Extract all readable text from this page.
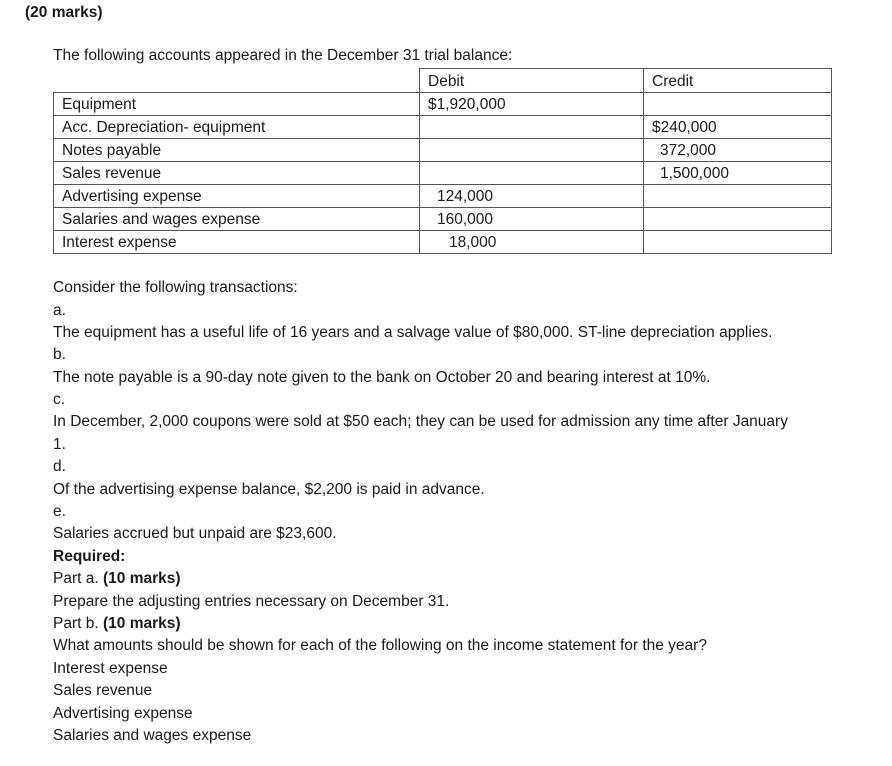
(20 marks)
The following accounts appeared in the December 31 trial balance:
	Debit	Credit
Equipment	$1,920,000	
Acc. Depreciation- equipment		$240,000
Notes payable		372,000
Sales revenue		1,500,000
Advertising expense	124,000	
Salaries and wages expense	160,000	
Interest expense	18,000	
Consider the following transactions:
a.
The equipment has a useful life of 16 years and a salvage value of $80,000. ST-line depreciation applies.
b.
The note payable is a 90-day note given to the bank on October 20 and bearing interest at 10%.
c.
In December, 2,000 coupons were sold at $50 each; they can be used for admission any time after January
1.
d.
Of the advertising expense balance, $2,200 is paid in advance.
e.
Salaries accrued but unpaid are $23,600.
Required:
Part a. (10 marks)
Prepare the adjusting entries necessary on December 31.
Part b. (10 marks)
What amounts should be shown for each of the following on the income statement for the year?
Interest expense
Sales revenue
Advertising expense
Salaries and wages expense
